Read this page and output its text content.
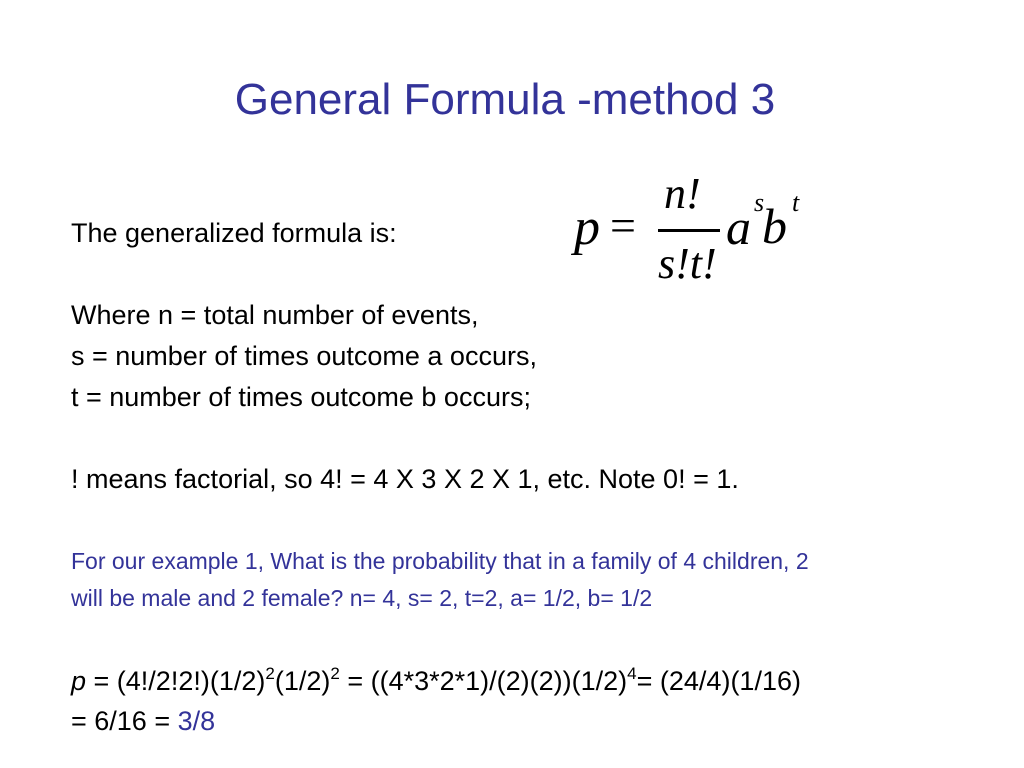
General Formula -method 3
The generalized formula is:	p =
n!
s!t!
a s
b t
Where n = total number of events,
s = number of times outcome a occurs,
t = number of times outcome b occurs;
! means factorial, so 4! = 4 X 3 X 2 X 1, etc. Note 0! = 1.
For our example 1, What is the probability that in a family of 4 children, 2
will be male and 2 female? n= 4, s= 2, t=2, a= 1/2, b= 1/2
$p = (4!/2!2!)(1/2)^2(1/2)^2 = ((4*3*2*1)/(2)(2))(1/2)^4= (24/4)(1/16)$
= 6/16 = 3/8
